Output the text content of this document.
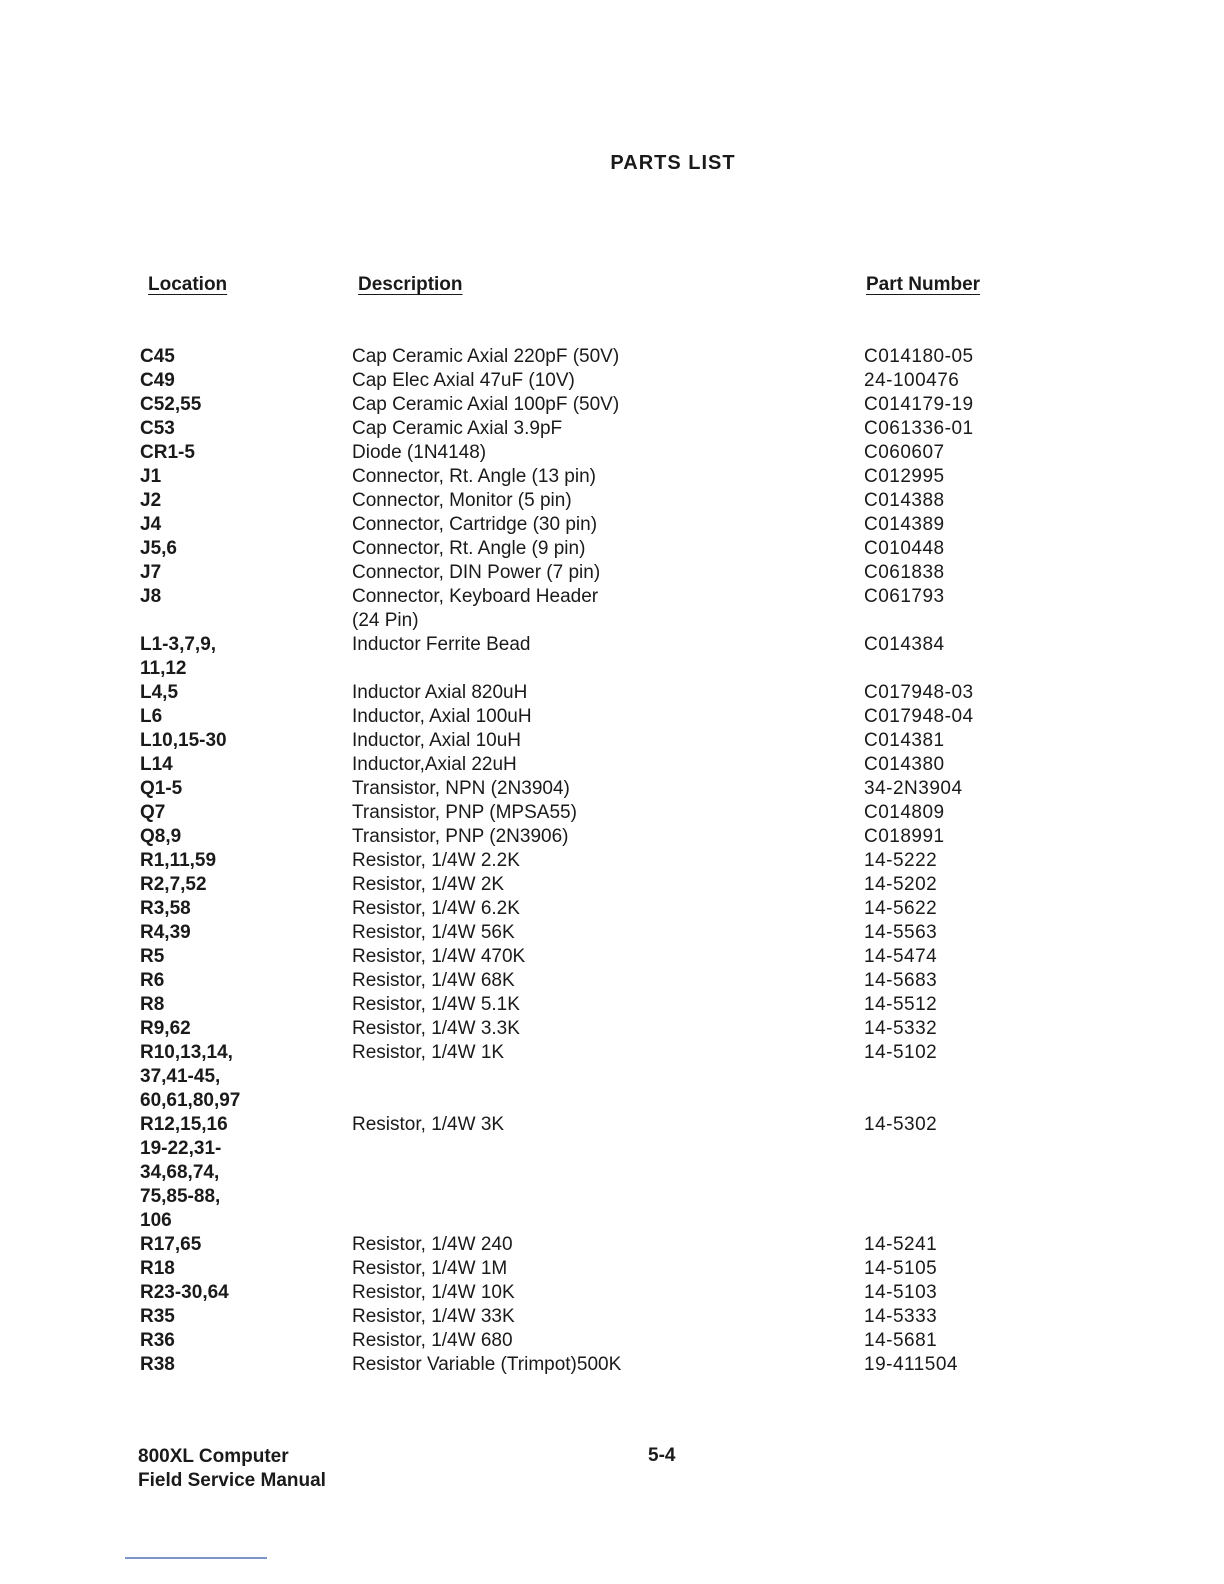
PARTS LIST
Location	Description	Part Number
C45	Cap Ceramic Axial 220pF (50V)	C014180-05
C49	Cap Elec Axial 47uF (10V)	24-100476
C52,55	Cap Ceramic Axial 100pF (50V)	C014179-19
C53	Cap Ceramic Axial 3.9pF	C061336-01
CR1-5	Diode (1N4148)	C060607
J1	Connector, Rt. Angle (13 pin)	C012995
J2	Connector, Monitor (5 pin)	C014388
J4	Connector, Cartridge (30 pin)	C014389
J5,6	Connector, Rt. Angle (9 pin)	C010448
J7	Connector, DIN Power (7 pin)	C061838
J8	Connector, Keyboard Header	C061793
(24 Pin)
L1-3,7,9,	Inductor Ferrite Bead	C014384
11,12
L4,5	Inductor Axial 820uH	C017948-03
L6	Inductor, Axial 100uH	C017948-04
L10,15-30	Inductor, Axial 10uH	C014381
L14	Inductor,Axial 22uH	C014380
Q1-5	Transistor, NPN (2N3904)	34-2N3904
Q7	Transistor, PNP (MPSA55)	C014809
Q8,9	Transistor, PNP (2N3906)	C018991
R1,11,59	Resistor, 1/4W 2.2K	14-5222
R2,7,52	Resistor, 1/4W 2K	14-5202
R3,58	Resistor, 1/4W 6.2K	14-5622
R4,39	Resistor, 1/4W 56K	14-5563
R5	Resistor, 1/4W 470K	14-5474
R6	Resistor, 1/4W 68K	14-5683
R8	Resistor, 1/4W 5.1K	14-5512
R9,62	Resistor, 1/4W 3.3K	14-5332
R10,13,14,	Resistor, 1/4W 1K	14-5102
37,41-45,
60,61,80,97
R12,15,16	Resistor, 1/4W 3K	14-5302
19-22,31-
34,68,74,
75,85-88,
106
R17,65	Resistor, 1/4W 240	14-5241
R18	Resistor, 1/4W 1M	14-5105
R23-30,64	Resistor, 1/4W 10K	14-5103
R35	Resistor, 1/4W 33K	14-5333
R36	Resistor, 1/4W 680	14-5681
R38	Resistor Variable (Trimpot)500K	19-411504
800XL Computer
Field Service Manual
5-4
